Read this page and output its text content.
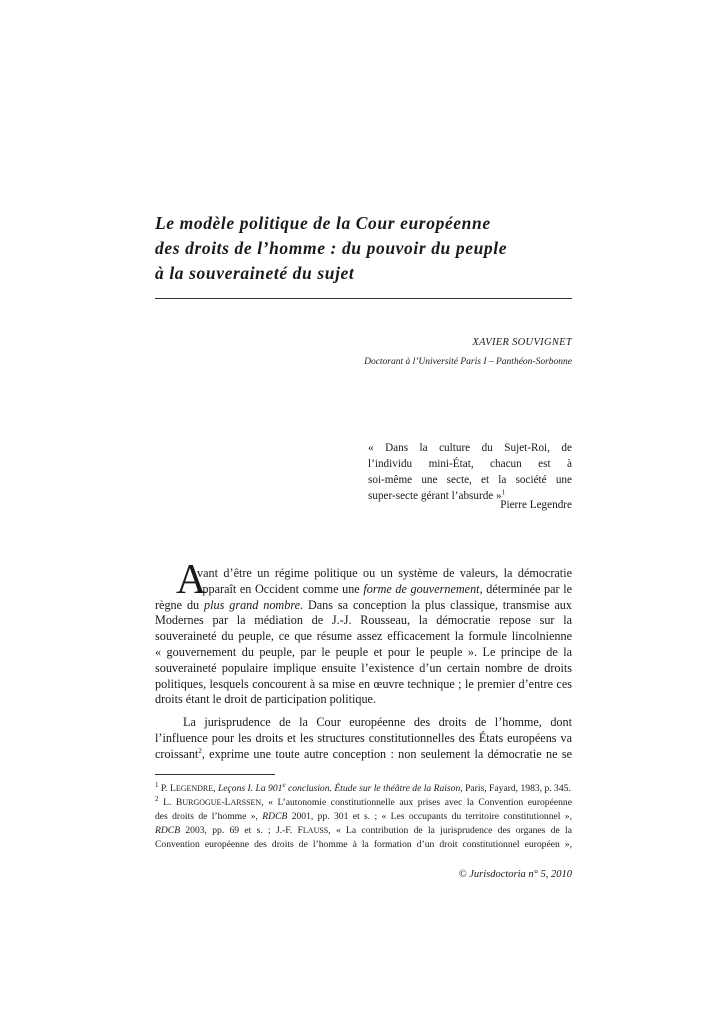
Le modèle politique de la Cour européenne
des droits de l’homme : du pouvoir du peuple
à la souveraineté du sujet
XAVIER SOUVIGNET
Doctorant à l’Université Paris I – Panthéon-Sorbonne
« Dans la culture du Sujet-Roi, de
l’individu mini-État, chacun est à
soi-même une secte, et la société une
super-secte gérant l’absurde »$^1$
Pierre Legendre
A
vant d’être un régime politique ou un système de valeurs, la démocratie
apparaît en Occident comme une forme de gouvernement, déterminée par le
règne du plus grand nombre. Dans sa conception la plus classique, transmise aux
Modernes par la médiation de J.-J. Rousseau, la démocratie repose sur la
souveraineté du peuple, ce que résume assez efficacement la formule lincolnienne
« gouvernement du peuple, par le peuple et pour le peuple ». Le principe de la
souveraineté populaire implique ensuite l’existence d’un certain nombre de droits
politiques, lesquels concourent à sa mise en œuvre technique ; le premier d’entre ces
droits étant le droit de participation politique.
La jurisprudence de la Cour européenne des droits de l’homme, dont
l’influence pour les droits et les structures constitutionnelles des États européens va
croissant$^2$, exprime une toute autre conception : non seulement la démocratie ne se
$^1$ P. LEGENDRE, Leçons I. La 901e conclusion. Étude sur le théâtre de la Raison, Paris, Fayard, 1983, p. 345.
$^2$ L. BURGOGUE-LARSSEN, « L’autonomie constitutionnelle aux prises avec la Convention européenne
des droits de l’homme », RDCB 2001, pp. 301 et s. ; « Les occupants du territoire constitutionnel »,
RDCB 2003, pp. 69 et s. ; J.-F. FLAUSS, « La contribution de la jurisprudence des organes de la
Convention européenne des droits de l’homme à la formation d’un droit constitutionnel européen »,
© Jurisdoctoria n° 5, 2010
